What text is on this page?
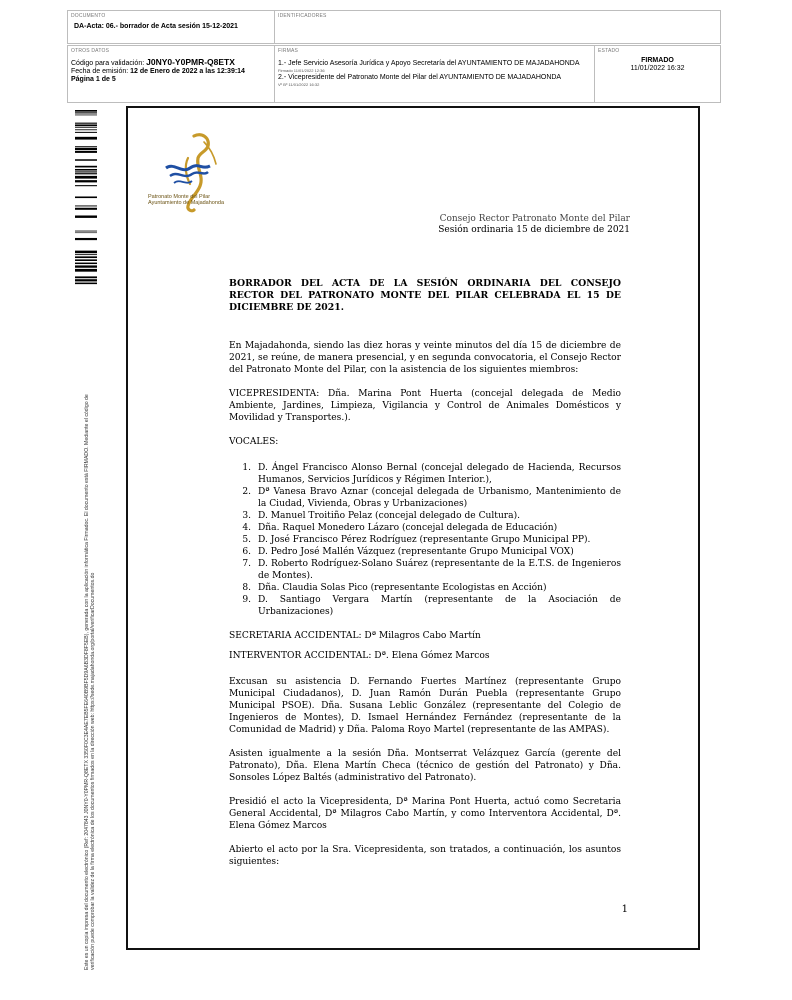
DOCUMENTO
DA-Acta: 06.- borrador de Acta sesión 15-12-2021
IDENTIFICADORES
OTROS DATOS
Código para validación: J0NY0-Y0PMR-Q8ETX
Fecha de emisión: 12 de Enero de 2022 a las 12:39:14
Página 1 de 5
FIRMAS
1.- Jefe Servicio Asesoría Jurídica y Apoyo Secretaría del AYUNTAMIENTO DE MAJADAHONDA
Firmado 11/01/2022 12:36
2.- Vicepresidente del Patronato Monte del Pilar del AYUNTAMIENTO DE MAJADAHONDA
Vº Bº 11/01/2022 16:32
ESTADO
FIRMADO
11/01/2022 16:32
Este es un copia impresa del documento electrónico (Ref: 2047843 J0NY0-Y0PMR-Q8ETX 3350F0C3E4AE7EB5FE640B9BF5D9A6B3DF8F5EB), generada con la aplicación informática Firmadoc. El documento está FIRMADO. Mediante el código de verificación puede comprobar la validez de la firma electrónica de los documentos firmados en la dirección web: https://sede.majadahonda.org/portal/verificarDocumentos.do
Patronato Monte del Pilar
Ayuntamiento de Majadahonda
Consejo Rector Patronato Monte del Pilar
Sesión ordinaria 15 de diciembre de 2021

BORRADOR DEL ACTA DE LA SESIÓN ORDINARIA DEL CONSEJO RECTOR DEL PATRONATO MONTE DEL PILAR CELEBRADA EL 15 DE DICIEMBRE DE 2021.

En Majadahonda, siendo las diez horas y veinte minutos del día 15 de diciembre de 2021, se reúne, de manera presencial, y en segunda convocatoria, el Consejo Rector del Patronato Monte del Pilar, con la asistencia de los siguientes miembros:

VICEPRESIDENTA: Dña. Marina Pont Huerta (concejal delegada de Medio Ambiente, Jardines, Limpieza, Vigilancia y Control de Animales Domésticos y Movilidad y Transportes.).

VOCALES:

1. D. Ángel Francisco Alonso Bernal (concejal delegado de Hacienda, Recursos Humanos, Servicios Jurídicos y Régimen Interior.),
2. Dª Vanesa Bravo Aznar (concejal delegada de Urbanismo, Mantenimiento de la Ciudad, Vivienda, Obras y Urbanizaciones)
3. D. Manuel Troitiño Pelaz (concejal delegado de Cultura).
4. Dña. Raquel Monedero Lázaro (concejal delegada de Educación)
5. D. José Francisco Pérez Rodríguez (representante Grupo Municipal PP).
6. D. Pedro José Mallén Vázquez (representante Grupo Municipal VOX)
7. D. Roberto Rodríguez-Solano Suárez (representante de la E.T.S. de Ingenieros de Montes).
8. Dña. Claudia Solas Pico (representante Ecologistas en Acción)
9. D. Santiago Vergara Martín (representante de la Asociación de Urbanizaciones)

SECRETARIA ACCIDENTAL: Dª Milagros Cabo Martín

INTERVENTOR ACCIDENTAL: Dª. Elena Gómez Marcos

Excusan su asistencia D. Fernando Fuertes Martínez (representante Grupo Municipal Ciudadanos), D. Juan Ramón Durán Puebla (representante Grupo Municipal PSOE). Dña. Susana Leblic González (representante del Colegio de Ingenieros de Montes), D. Ismael Hernández Fernández (representante de la Comunidad de Madrid) y Dña. Paloma Royo Martel (representante de las AMPAS).

Asisten igualmente a la sesión Dña. Montserrat Velázquez García (gerente del Patronato), Dña. Elena Martín Checa (técnico de gestión del Patronato) y Dña. Sonsoles López Baltés (administrativo del Patronato).

Presidió el acto la Vicepresidenta, Dª Marina Pont Huerta, actuó como Secretaria General Accidental, Dª Milagros Cabo Martín, y como Interventora Accidental, Dª. Elena Gómez Marcos

Abierto el acto por la Sra. Vicepresidenta, son tratados, a continuación, los asuntos siguientes:

1
